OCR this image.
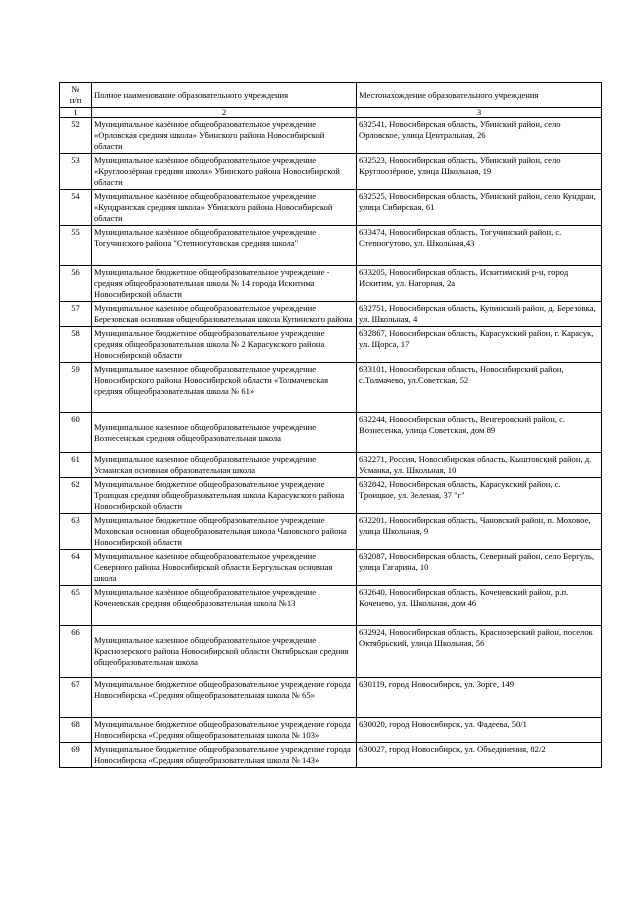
№
п/п	Полное наименование образовательного учреждения	Местонахождение образовательного учреждения
1	2	3
52	Муниципальное казённое общеобразовательное учреждение «Орловская средняя школа» Убинского района Новосибирской области	632541, Новосибирская область, Убинский район, село Орловское, улица Центральная, 26
53	Муниципальное казённое общеобразовательное учреждение «Круглоозёрная средняя школа» Убинского района Новосибирской области	632523, Новосибирская область, Убинский район, село Круглоозёрное, улица Школьная, 19
54	Муниципальное казённое общеобразовательное учреждение «Кундранская средняя школа» Убинского района Новосибирской области	632525, Новосибирская область, Убинский район, село Кундран, улица Сибирская, 61
55	Муниципальное казённое общеобразовательное учреждение Тогучинского района "Степногутовская средняя школа"	633474, Новосибирская область, Тогучинский район, с. Степногутово, ул. Школьная,43
56	Муниципальное бюджетное общеобразовательное учреждение - средняя общеобразовательная школа № 14 города Искитима Новосибирской области	633205, Новосибирская область, Искитимский р-н, город Искитим, ул. Нагорная, 2а
57	Муниципальное казенное общеобразовательное учреждение Березовская основная общеобразовательная школа Купинского района	632751, Новосибирская область, Купинский район, д. Березовка, ул. Школьная, 4
58	Муниципальное бюджетное общеобразовательное учреждение средняя общеобразовательная школа № 2 Карасукского района Новосибирской области	632867, Новосибирская область, Карасукский район, г. Карасук, ул. Щорса, 17
59	Муниципальное казенное общеобразовательное учреждение Новосибирского района Новосибирской области «Толмачевская средняя общеобразовательная школа № 61»	633101, Новосибирская область, Новосибирский район, с.Толмачево, ул.Советская, 52
60	Муниципальное казенное общеобразовательное учреждение Вознесенская средняя общеобразовательная школа	632244, Новосибирская область, Венгеровский район, с. Вознесенка, улица Советская, дом 89
61	Муниципальное казенное общеобразовательное учреждение Усманская основная образовательная школа	632271, Россия, Новосибирская область, Кыштовский район, д. Усманка, ул. Школьная, 10
62	Муниципальное бюджетное общеобразовательное учреждение Троицкая средняя общеобразовательная школа Карасукского района Новосибирской области	632842, Новосибирская область, Карасукский район, с. Троицкое, ул. Зеленая, 37 "г"
63	Муниципальное бюджетное общеобразовательное учреждение Моховская основная общеобразовательная школа Чановского района Новосибирской области	632201, Новосибирская область, Чановский район, п. Моховое, улица Школьная, 9
64	Муниципальное казенное общеобразовательное учреждение Северного района Новосибирской области Бергульская основная школа	632087, Новосибирская область, Северный район, село Бергуль, улица Гагарина, 10
65	Муниципальное казённое общеобразовательное учреждение Коченевская средняя общеобразовательная школа №13	632640, Новосибирская область, Коченевский район, р.п. Коченево, ул. Школьная, дом 46
66	Муниципальное казенное общеобразовательное учреждение Краснозерского района Новосибирской области Октябрьская средняя общеобразовательная школа	632924, Новосибирская область, Краснозерский район, поселок Октябрьский, улица Школьная, 56
67	Муниципальное бюджетное общеобразовательное учреждение города Новосибирска «Средняя общеобразовательная школа № 65»	630119, город Новосибирск, ул. Зорге, 149
68	Муниципальное бюджетное общеобразовательное учреждение города Новосибирска «Средняя общеобразовательная школа № 103»	630020, город Новосибирск, ул. Фадеева, 50/1
69	Муниципальное бюджетное общеобразовательное учреждение города Новосибирска «Средняя общеобразовательная школа № 143»	630027, город Новосибирск, ул. Объединения, 82/2
